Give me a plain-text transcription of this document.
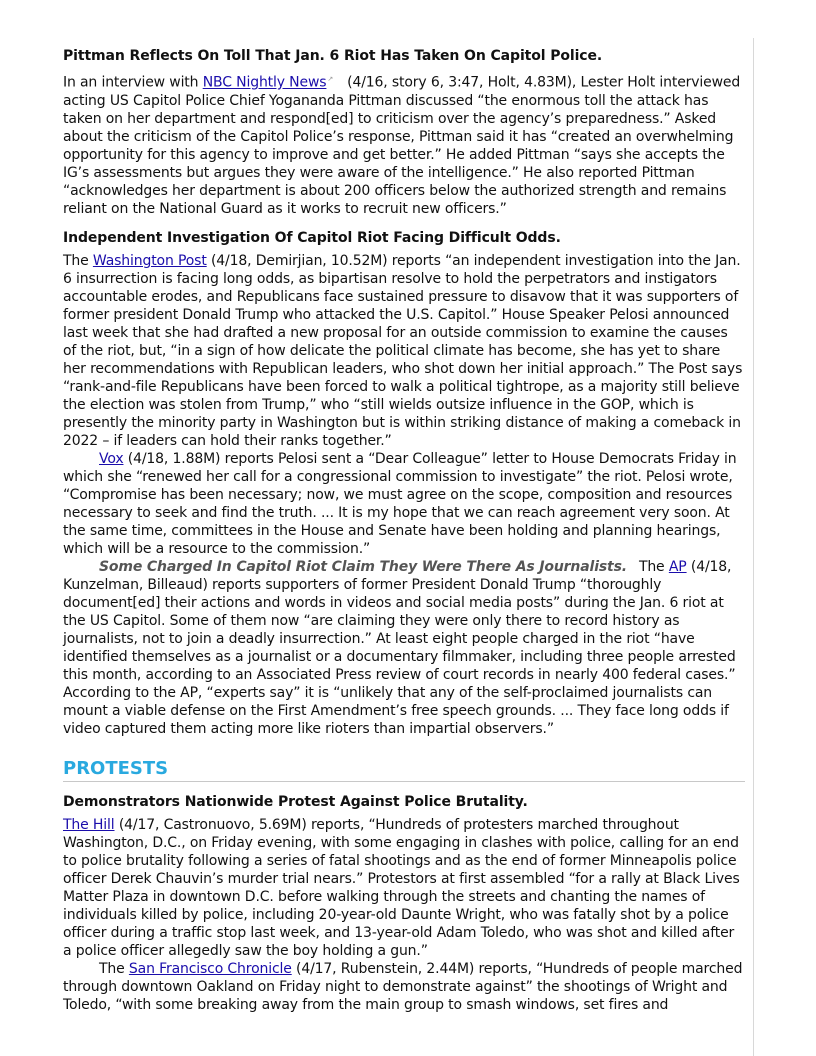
Pittman Reflects On Toll That Jan. 6 Riot Has Taken On Capitol Police.

In an interview with NBC Nightly News↗ (4/16, story 6, 3:47, Holt, 4.83M), Lester Holt interviewed acting US Capitol Police Chief Yogananda Pittman discussed “the enormous toll the attack has taken on her department and respond[ed] to criticism over the agency’s preparedness.” Asked about the criticism of the Capitol Police’s response, Pittman said it has “created an overwhelming opportunity for this agency to improve and get better.” He added Pittman “says she accepts the IG’s assessments but argues they were aware of the intelligence.” He also reported Pittman “acknowledges her department is about 200 officers below the authorized strength and remains reliant on the National Guard as it works to recruit new officers.”

Independent Investigation Of Capitol Riot Facing Difficult Odds.

The Washington Post (4/18, Demirjian, 10.52M) reports “an independent investigation into the Jan. 6 insurrection is facing long odds, as bipartisan resolve to hold the perpetrators and instigators accountable erodes, and Republicans face sustained pressure to disavow that it was supporters of former president Donald Trump who attacked the U.S. Capitol.” House Speaker Pelosi announced last week that she had drafted a new proposal for an outside commission to examine the causes of the riot, but, “in a sign of how delicate the political climate has become, she has yet to share her recommendations with Republican leaders, who shot down her initial approach.” The Post says “rank-and-file Republicans have been forced to walk a political tightrope, as a majority still believe the election was stolen from Trump,” who “still wields outsize influence in the GOP, which is presently the minority party in Washington but is within striking distance of making a comeback in 2022 – if leaders can hold their ranks together.”

Vox (4/18, 1.88M) reports Pelosi sent a “Dear Colleague” letter to House Democrats Friday in which she “renewed her call for a congressional commission to investigate” the riot. Pelosi wrote, “Compromise has been necessary; now, we must agree on the scope, composition and resources necessary to seek and find the truth. ... It is my hope that we can reach agreement very soon. At the same time, committees in the House and Senate have been holding and planning hearings, which will be a resource to the commission.”

Some Charged In Capitol Riot Claim They Were There As Journalists. The AP (4/18, Kunzelman, Billeaud) reports supporters of former President Donald Trump “thoroughly document[ed] their actions and words in videos and social media posts” during the Jan. 6 riot at the US Capitol. Some of them now “are claiming they were only there to record history as journalists, not to join a deadly insurrection.” At least eight people charged in the riot “have identified themselves as a journalist or a documentary filmmaker, including three people arrested this month, according to an Associated Press review of court records in nearly 400 federal cases.” According to the AP, “experts say” it is “unlikely that any of the self-proclaimed journalists can mount a viable defense on the First Amendment’s free speech grounds. ... They face long odds if video captured them acting more like rioters than impartial observers.”

PROTESTS
Demonstrators Nationwide Protest Against Police Brutality.

The Hill (4/17, Castronuovo, 5.69M) reports, “Hundreds of protesters marched throughout Washington, D.C., on Friday evening, with some engaging in clashes with police, calling for an end to police brutality following a series of fatal shootings and as the end of former Minneapolis police officer Derek Chauvin’s murder trial nears.” Protestors at first assembled “for a rally at Black Lives Matter Plaza in downtown D.C. before walking through the streets and chanting the names of individuals killed by police, including 20-year-old Daunte Wright, who was fatally shot by a police officer during a traffic stop last week, and 13-year-old Adam Toledo, who was shot and killed after a police officer allegedly saw the boy holding a gun.”

The San Francisco Chronicle (4/17, Rubenstein, 2.44M) reports, “Hundreds of people marched through downtown Oakland on Friday night to demonstrate against” the shootings of Wright and Toledo, “with some breaking away from the main group to smash windows, set fires and
